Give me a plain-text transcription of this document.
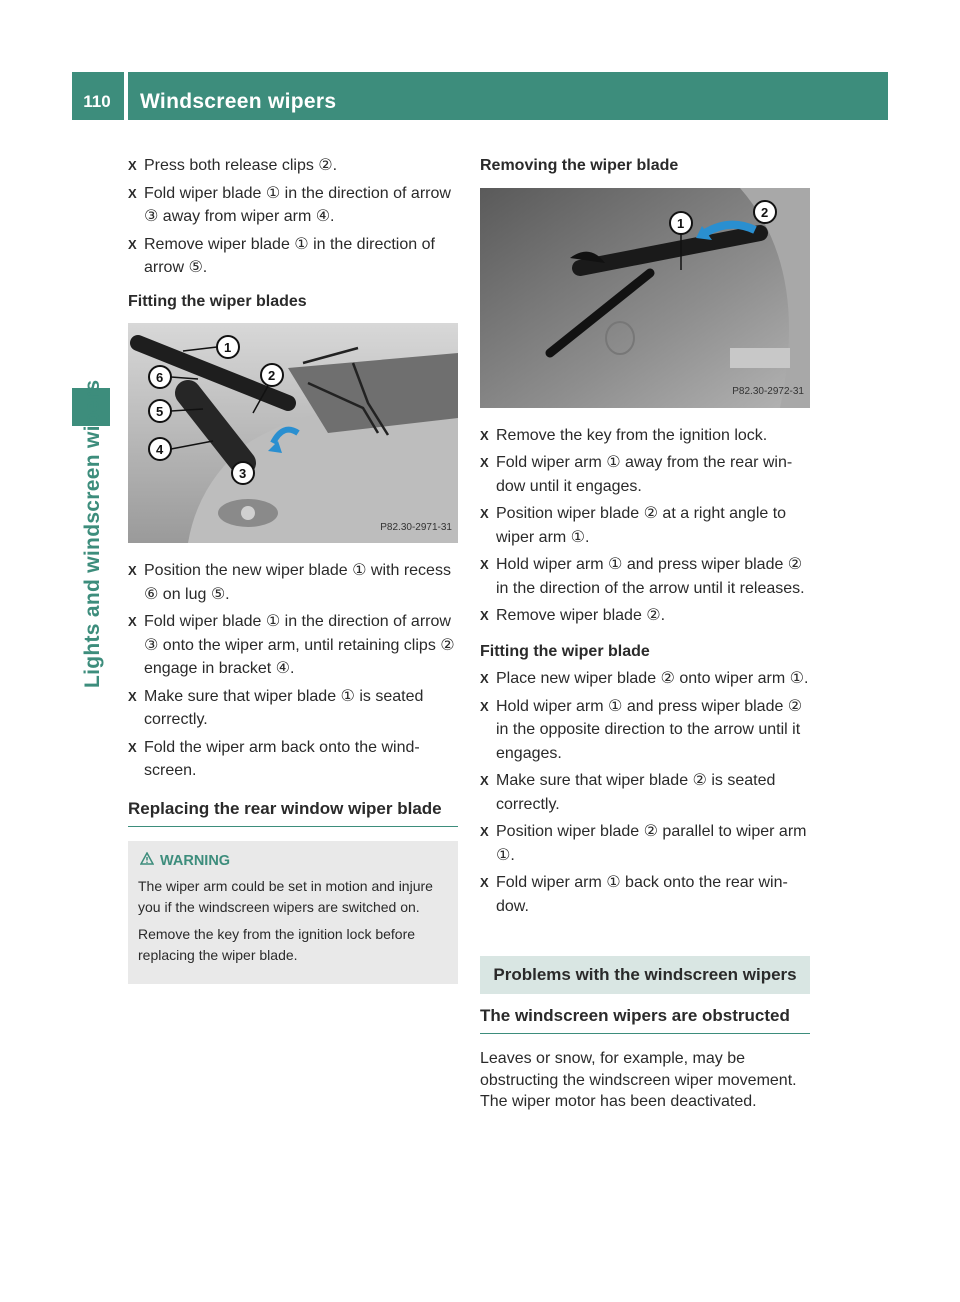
110	Windscreen wipers
Lights and windscreen wipers
X Press both release clips ②.
X Fold wiper blade ① in the direction of arrow ③ away from wiper arm ④.
X Remove wiper blade ① in the direction of arrow ⑤.
Fitting the wiper blades
1
2
3
4
5
6
P82.30-2971-31
X Position the new wiper blade ① with recess ⑥ on lug ⑤.
X Fold wiper blade ① in the direction of arrow ③ onto the wiper arm, until retaining clips ② engage in bracket ④.
X Make sure that wiper blade ① is seated correctly.
X Fold the wiper arm back onto the wind-screen.
Replacing the rear window wiper blade
WARNING

The wiper arm could be set in motion and injure you if the windscreen wipers are switched on.

Remove the key from the ignition lock before replacing the wiper blade.

Removing the wiper blade
1
2
P82.30-2972-31
X Remove the key from the ignition lock.
X Fold wiper arm ① away from the rear win-dow until it engages.
X Position wiper blade ② at a right angle to wiper arm ①.
X Hold wiper arm ① and press wiper blade ② in the direction of the arrow until it releases.
X Remove wiper blade ②.
Fitting the wiper blade
X Place new wiper blade ② onto wiper arm ①.
X Hold wiper arm ① and press wiper blade ② in the opposite direction to the arrow until it engages.
X Make sure that wiper blade ② is seated correctly.
X Position wiper blade ② parallel to wiper arm ①.
X Fold wiper arm ① back onto the rear win-dow.
Problems with the windscreen wipers
The windscreen wipers are obstructed
Leaves or snow, for example, may be obstructing the windscreen wiper movement. The wiper motor has been deactivated.
